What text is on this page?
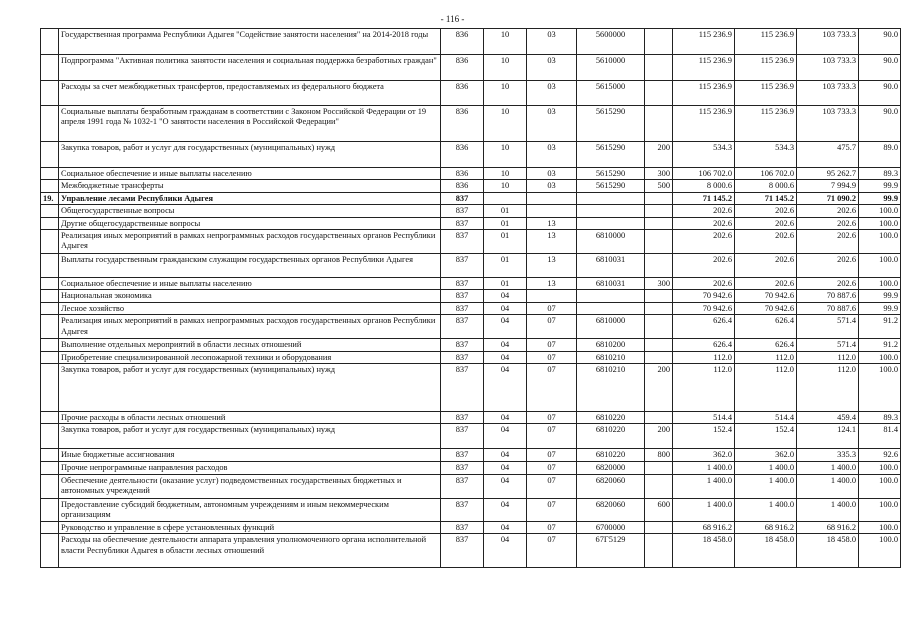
- 116 -
	Государственная программа Республики Адыгея "Содействие занятости населения" на 2014-2018 годы	836	10	03	5600000		115 236.9	115 236.9	103 733.3	90.0
	Подпрограмма "Активная политика занятости населения и социальная поддержка безработных граждан"	836	10	03	5610000		115 236.9	115 236.9	103 733.3	90.0
	Расходы за счет межбюджетных трансфертов, предоставляемых из федерального бюджета	836	10	03	5615000		115 236.9	115 236.9	103 733.3	90.0
	Социальные выплаты безработным гражданам в соответствии с Законом Российской Федерации от 19 апреля 1991 года № 1032-1 "О занятости населения в Российской Федерации"	836	10	03	5615290		115 236.9	115 236.9	103 733.3	90.0
	Закупка товаров, работ и услуг для государственных (муниципальных) нужд	836	10	03	5615290	200	534.3	534.3	475.7	89.0
	Социальное обеспечение и иные выплаты населению	836	10	03	5615290	300	106 702.0	106 702.0	95 262.7	89.3
	Межбюджетные трансферты	836	10	03	5615290	500	8 000.6	8 000.6	7 994.9	99.9
19.	Управление лесами Республики Адыгея	837					71 145.2	71 145.2	71 090.2	99.9
	Общегосударственные вопросы	837	01				202.6	202.6	202.6	100.0
	Другие общегосударственные вопросы	837	01	13			202.6	202.6	202.6	100.0
	Реализация иных мероприятий в рамках непрограммных расходов государственных органов Республики Адыгея	837	01	13	6810000		202.6	202.6	202.6	100.0
	Выплаты государственным гражданским служащим государственных органов Республики Адыгея	837	01	13	6810031		202.6	202.6	202.6	100.0
	Социальное обеспечение и иные выплаты населению	837	01	13	6810031	300	202.6	202.6	202.6	100.0
	Национальная экономика	837	04				70 942.6	70 942.6	70 887.6	99.9
	Лесное хозяйство	837	04	07			70 942.6	70 942.6	70 887.6	99.9
	Реализация иных мероприятий в рамках непрограммных расходов государственных органов Республики Адыгея	837	04	07	6810000		626.4	626.4	571.4	91.2
	Выполнение отдельных мероприятий в области лесных отношений	837	04	07	6810200		626.4	626.4	571.4	91.2
	Приобретение специализированной лесопожарной техники и оборудования	837	04	07	6810210		112.0	112.0	112.0	100.0
	Закупка товаров, работ и услуг для государственных (муниципальных) нужд	837	04	07	6810210	200	112.0	112.0	112.0	100.0
	Прочие расходы в области лесных отношений	837	04	07	6810220		514.4	514.4	459.4	89.3
	Закупка товаров, работ и услуг для государственных (муниципальных) нужд	837	04	07	6810220	200	152.4	152.4	124.1	81.4
	Иные бюджетные ассигнования	837	04	07	6810220	800	362.0	362.0	335.3	92.6
	Прочие непрограммные направления расходов	837	04	07	6820000		1 400.0	1 400.0	1 400.0	100.0
	Обеспечение деятельности (оказание услуг) подведомственных государственных бюджетных и автономных учреждений	837	04	07	6820060		1 400.0	1 400.0	1 400.0	100.0
	Предоставление субсидий бюджетным, автономным учреждениям и иным некоммерческим организациям	837	04	07	6820060	600	1 400.0	1 400.0	1 400.0	100.0
	Руководство и управление в сфере установленных функций	837	04	07	6700000		68 916.2	68 916.2	68 916.2	100.0
	Расходы на обеспечение деятельности аппарата управления уполномоченного органа исполнительной власти Республики Адыгея в области лесных отношений	837	04	07	67Г5129		18 458.0	18 458.0	18 458.0	100.0
